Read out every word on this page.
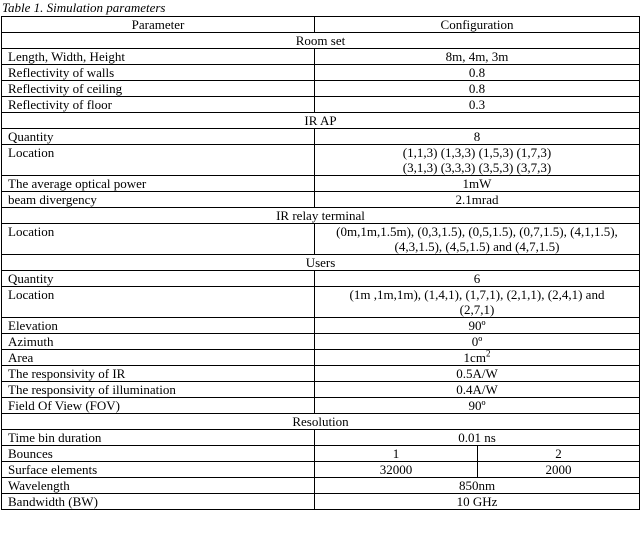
Table 1. Simulation parameters
Parameter	Configuration	
Room set		
Length, Width, Height	8m, 4m, 3m	
Reflectivity of walls	0.8	
Reflectivity of ceiling	0.8	
Reflectivity of floor	0.3	
IR AP		
Quantity	8	
Location	(1,1,3) (1,3,3) (1,5,3) (1,7,3)
(3,1,3) (3,3,3) (3,5,3) (3,7,3)	

The average optical power	1mW	
beam divergency	2.1mrad	
IR relay terminal		
Location	(0m,1m,1.5m), (0,3,1.5), (0,5,1.5), (0,7,1.5), (4,1,1.5),
(4,3,1.5), (4,5,1.5) and (4,7,1.5)	

Users		
Quantity	6	
Location	(1m ,1m,1m), (1,4,1), (1,7,1), (2,1,1), (2,4,1) and
(2,7,1)	

Elevation	90º	
Azimuth	0º	
Area	$1cm^2$
The responsivity of IR	0.5A/W	
The responsivity of illumination	0.4A/W	
Field Of View (FOV)	90º	
Resolution		
Time bin duration	0.01 ns	
Bounces	1	2
Surface elements	32000	2000
Wavelength	850nm	
Bandwidth (BW)	10 GHz	
